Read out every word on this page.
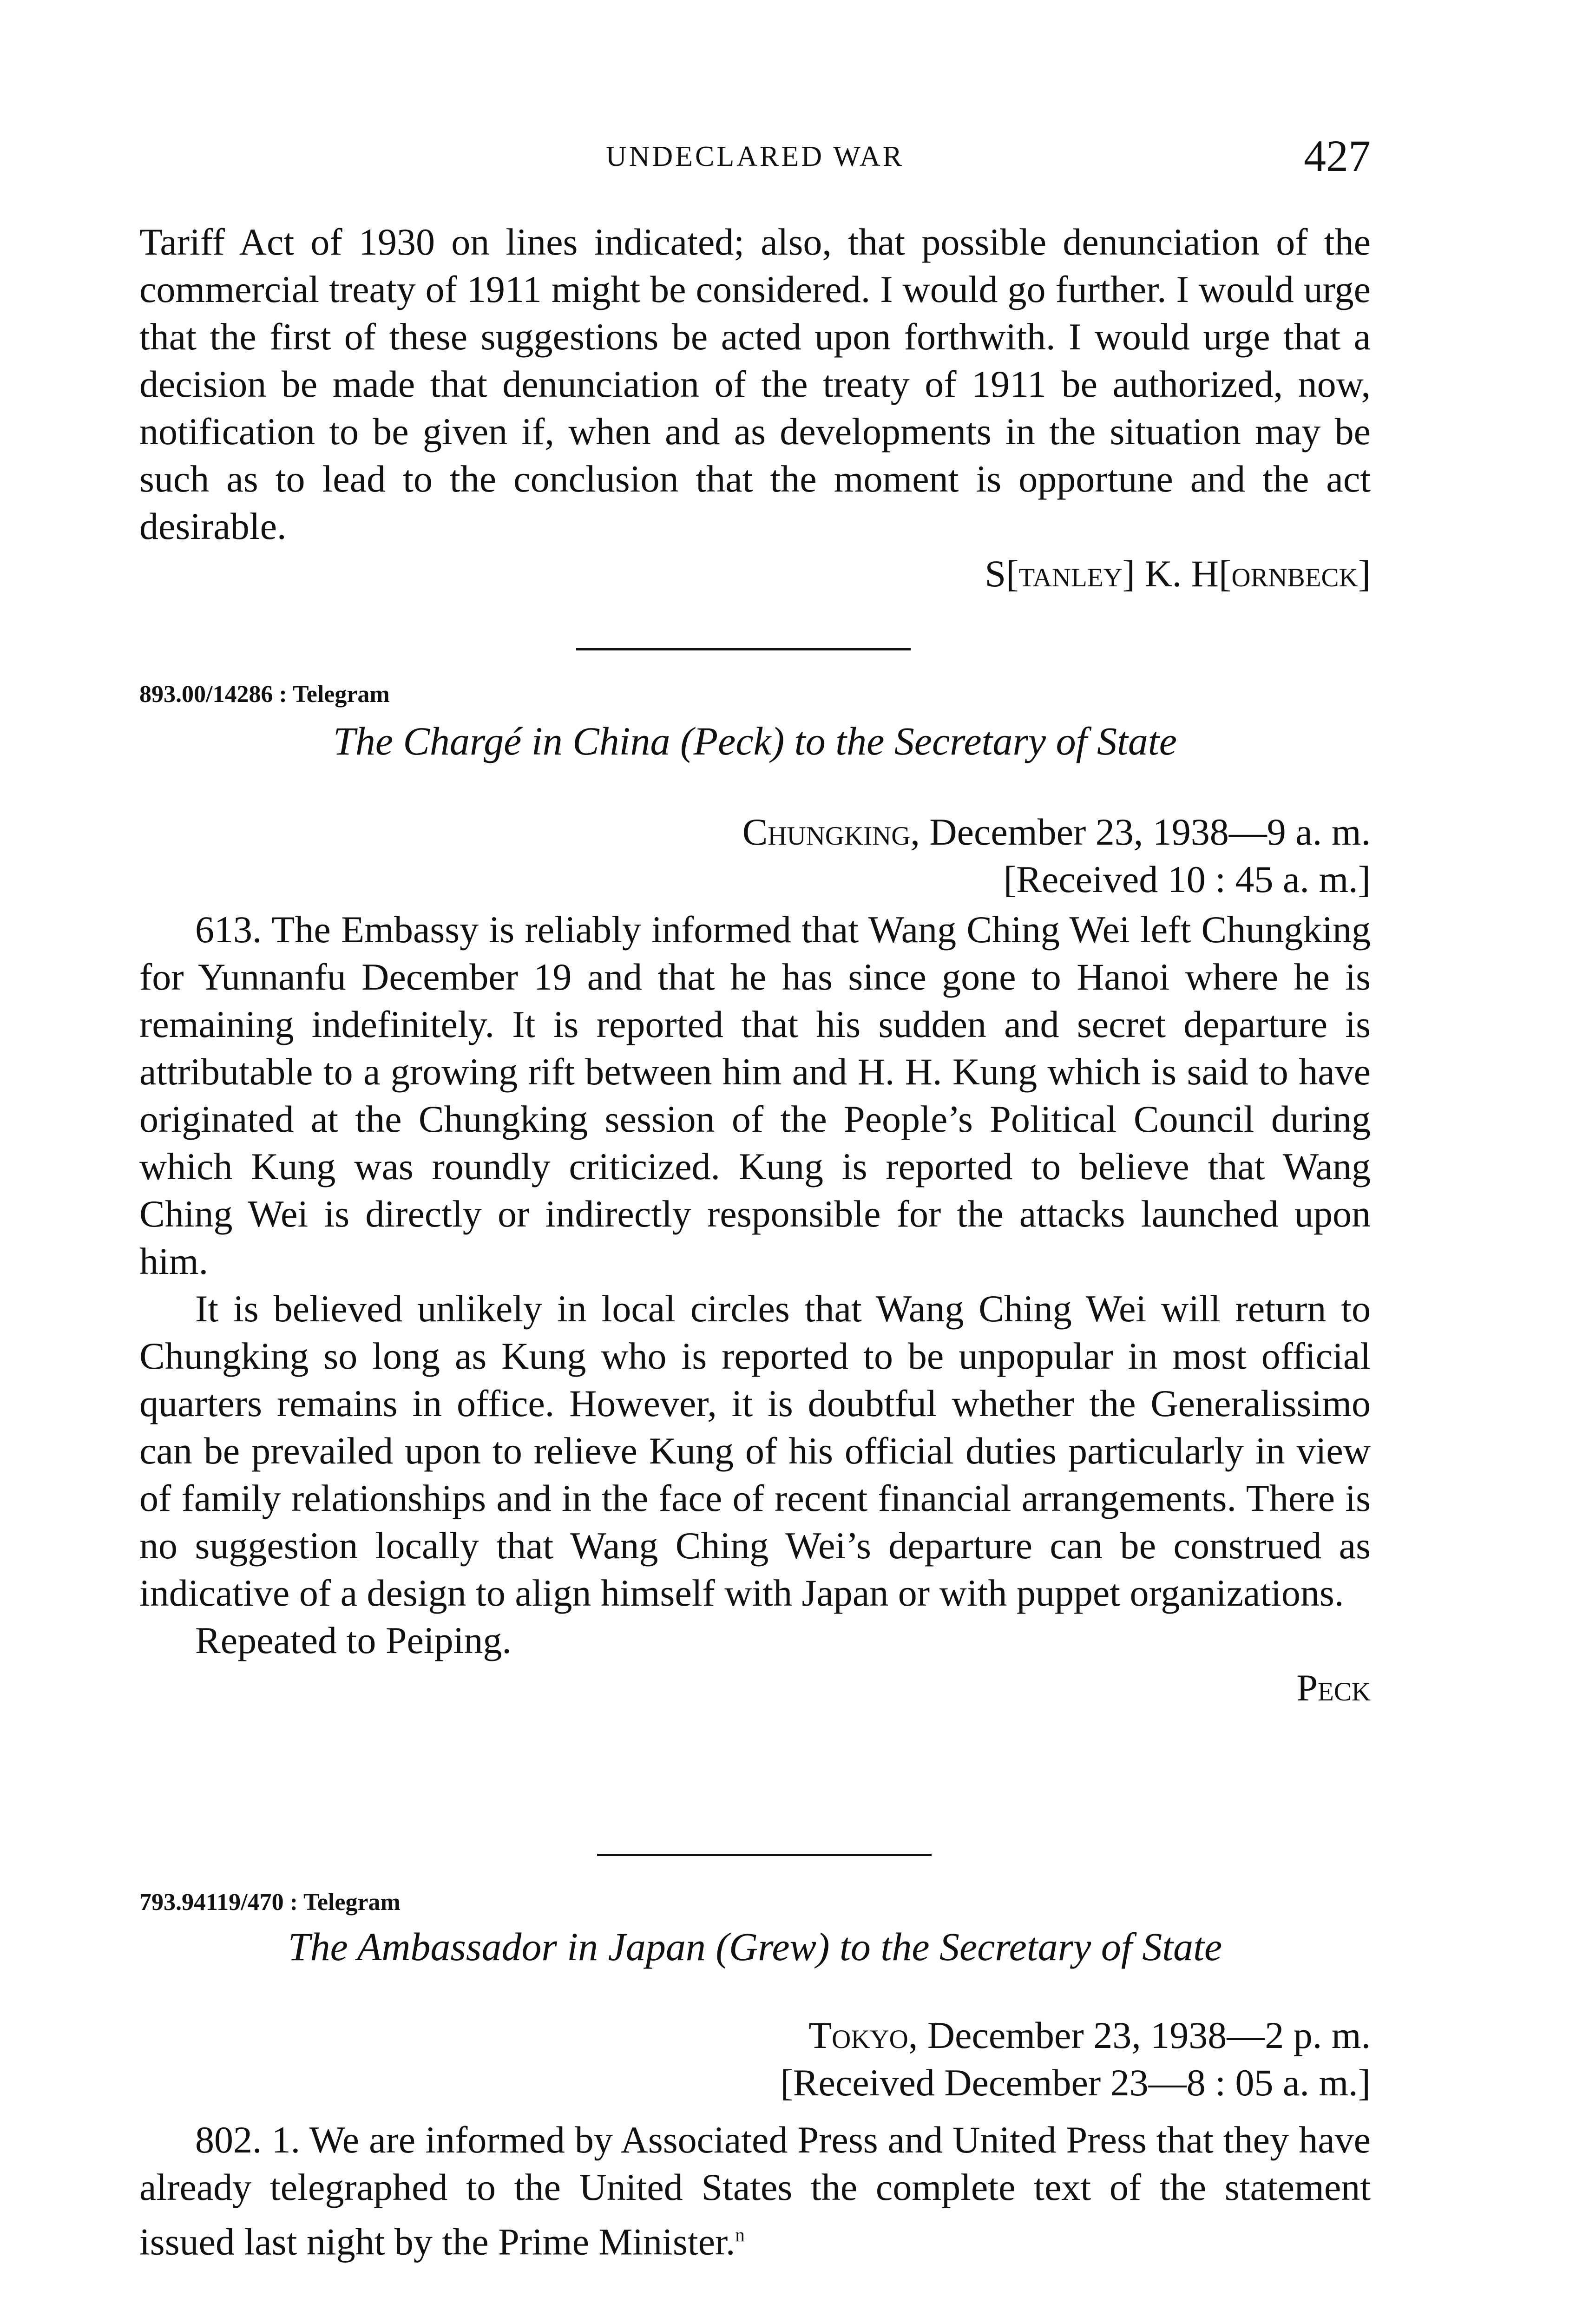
UNDECLARED WAR	427

Tariff Act of 1930 on lines indicated; also, that possible denunciation of the commercial treaty of 1911 might be considered. I would go further. I would urge that the first of these suggestions be acted upon forthwith. I would urge that a decision be made that denunciation of the treaty of 1911 be authorized, now, notification to be given if, when and as developments in the situation may be such as to lead to the conclusion that the moment is opportune and the act desirable.

S[tanley] K. H[ornbeck]
893.00/14286 : Telegram
The Chargé in China (Peck) to the Secretary of State
Chungking, December 23, 1938—9 a. m.
[Received 10 : 45 a. m.]

613. The Embassy is reliably informed that Wang Ching Wei left Chungking for Yunnanfu December 19 and that he has since gone to Hanoi where he is remaining indefinitely. It is reported that his sudden and secret departure is attributable to a growing rift between him and H. H. Kung which is said to have originated at the Chungking session of the People’s Political Council during which Kung was roundly criticized. Kung is reported to believe that Wang Ching Wei is directly or indirectly responsible for the attacks launched upon him.

It is believed unlikely in local circles that Wang Ching Wei will return to Chungking so long as Kung who is reported to be unpopular in most official quarters remains in office. However, it is doubtful whether the Generalissimo can be prevailed upon to relieve Kung of his official duties particularly in view of family relationships and in the face of recent financial arrangements. There is no suggestion locally that Wang Ching Wei’s departure can be construed as indicative of a design to align himself with Japan or with puppet organizations.

Repeated to Peiping.

Peck
793.94119/470 : Telegram
The Ambassador in Japan (Grew) to the Secretary of State
Tokyo, December 23, 1938—2 p. m.
[Received December 23—8 : 05 a. m.]

802. 1. We are informed by Associated Press and United Press that they have already telegraphed to the United States the complete text of the statement issued last night by the Prime Minister.$^n$
